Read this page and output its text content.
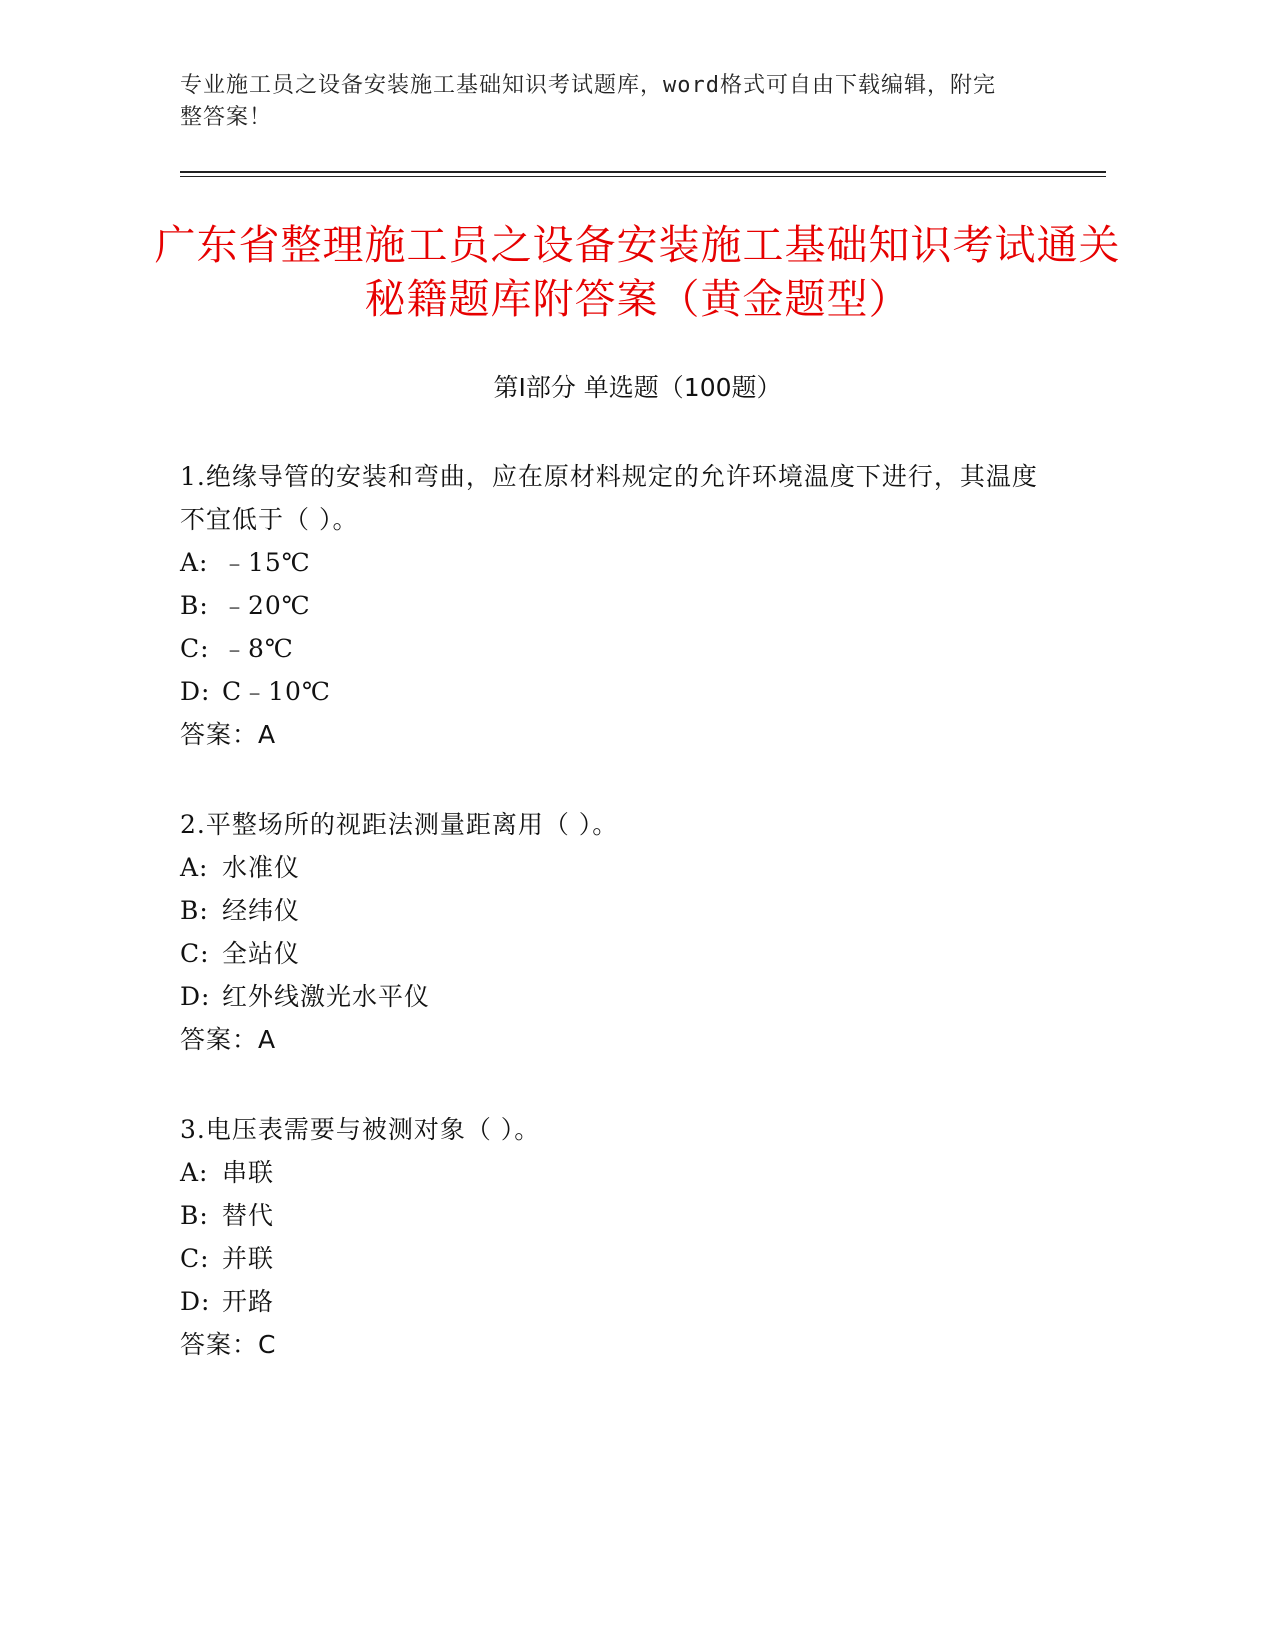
专业施工员之设备安装施工基础知识考试题库，word格式可自由下载编辑，附完
整答案！
广东省整理施工员之设备安装施工基础知识考试通关秘籍题库附答案（黄金题型）
第Ⅰ部分 单选题（100题）
1.绝缘导管的安装和弯曲，应在原材料规定的允许环境温度下进行，其温度不宜低于（ ）。
A: ﹣15℃
B: ﹣20℃
C: ﹣8℃
D: C﹣10℃
答案：A
2.平整场所的视距法测量距离用（ ）。
A: 水准仪
B: 经纬仪
C: 全站仪
D: 红外线激光水平仪
答案：A
3.电压表需要与被测对象（ ）。
A: 串联
B: 替代
C: 并联
D: 开路
答案：C
